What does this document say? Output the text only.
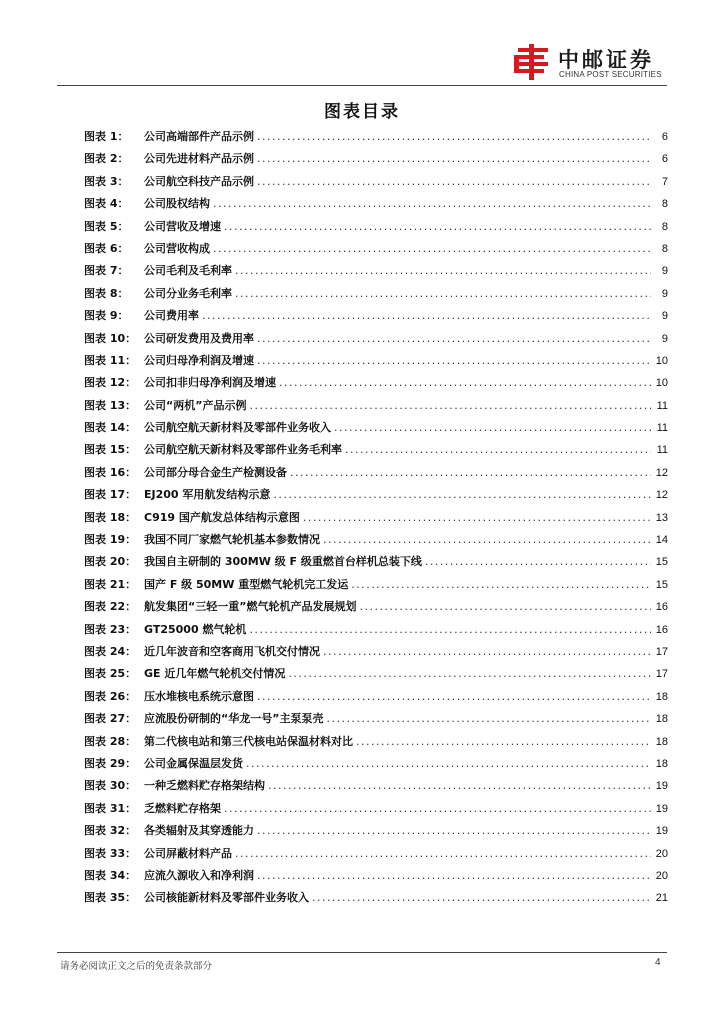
中邮证券
CHINA POST SECURITIES
图表目录
图表 1：	公司高端部件产品示例 . . .	6
图表 2：	公司先进材料产品示例 . . .	6
图表 3：	公司航空科技产品示例 . . .	7
图表 4：	公司股权结构 . . .	8
图表 5：	公司营收及增速 . . .	8
图表 6：	公司营收构成 . . .	8
图表 7：	公司毛利及毛利率 . . .	9
图表 8：	公司分业务毛利率 . . .	9
图表 9：	公司费用率 . . .	9
图表 10： 公司研发费用及费用率 . . .	9
图表 11： 公司归母净利润及增速 . . .	10
图表 12： 公司扣非归母净利润及增速 . . .	10
图表 13： 公司“两机”产品示例 . . .	11
图表 14： 公司航空航天新材料及零部件业务收入 . . .	11
图表 15： 公司航空航天新材料及零部件业务毛利率 . . .	11
图表 16： 公司部分母合金生产检测设备 . . .	12
图表 17： EJ200 军用航发结构示意 . . .	12
图表 18： C919 国产航发总体结构示意图 . . .	13
图表 19： 我国不同厂家燃气轮机基本参数情况 . . .	14
图表 20： 我国自主研制的 300MW 级 F 级重燃首台样机总装下线 . . .	15
图表 21： 国产 F 级 50MW 重型燃气轮机完工发运 . . .	15
图表 22： 航发集团“三轻一重”燃气轮机产品发展规划 . . .	16
图表 23： GT25000 燃气轮机 . . .	16
图表 24： 近几年波音和空客商用飞机交付情况 . . .	17
图表 25： GE 近几年燃气轮机交付情况 . . .	17
图表 26： 压水堆核电系统示意图 . . .	18
图表 27： 应流股份研制的“华龙一号”主泵泵壳 . . .	18
图表 28： 第二代核电站和第三代核电站保温材料对比 . . .	18
图表 29： 公司金属保温层发货 . . .	18
图表 30： 一种乏燃料贮存格架结构 . . .	19
图表 31： 乏燃料贮存格架 . . .	19
图表 32： 各类辐射及其穿透能力 . . .	19
图表 33： 公司屏蔽材料产品 . . .	20
图表 34： 应流久源收入和净利润 . . .	20
图表 35： 公司核能新材料及零部件业务收入 . . .	21
请务必阅读正文之后的免责条款部分	4
